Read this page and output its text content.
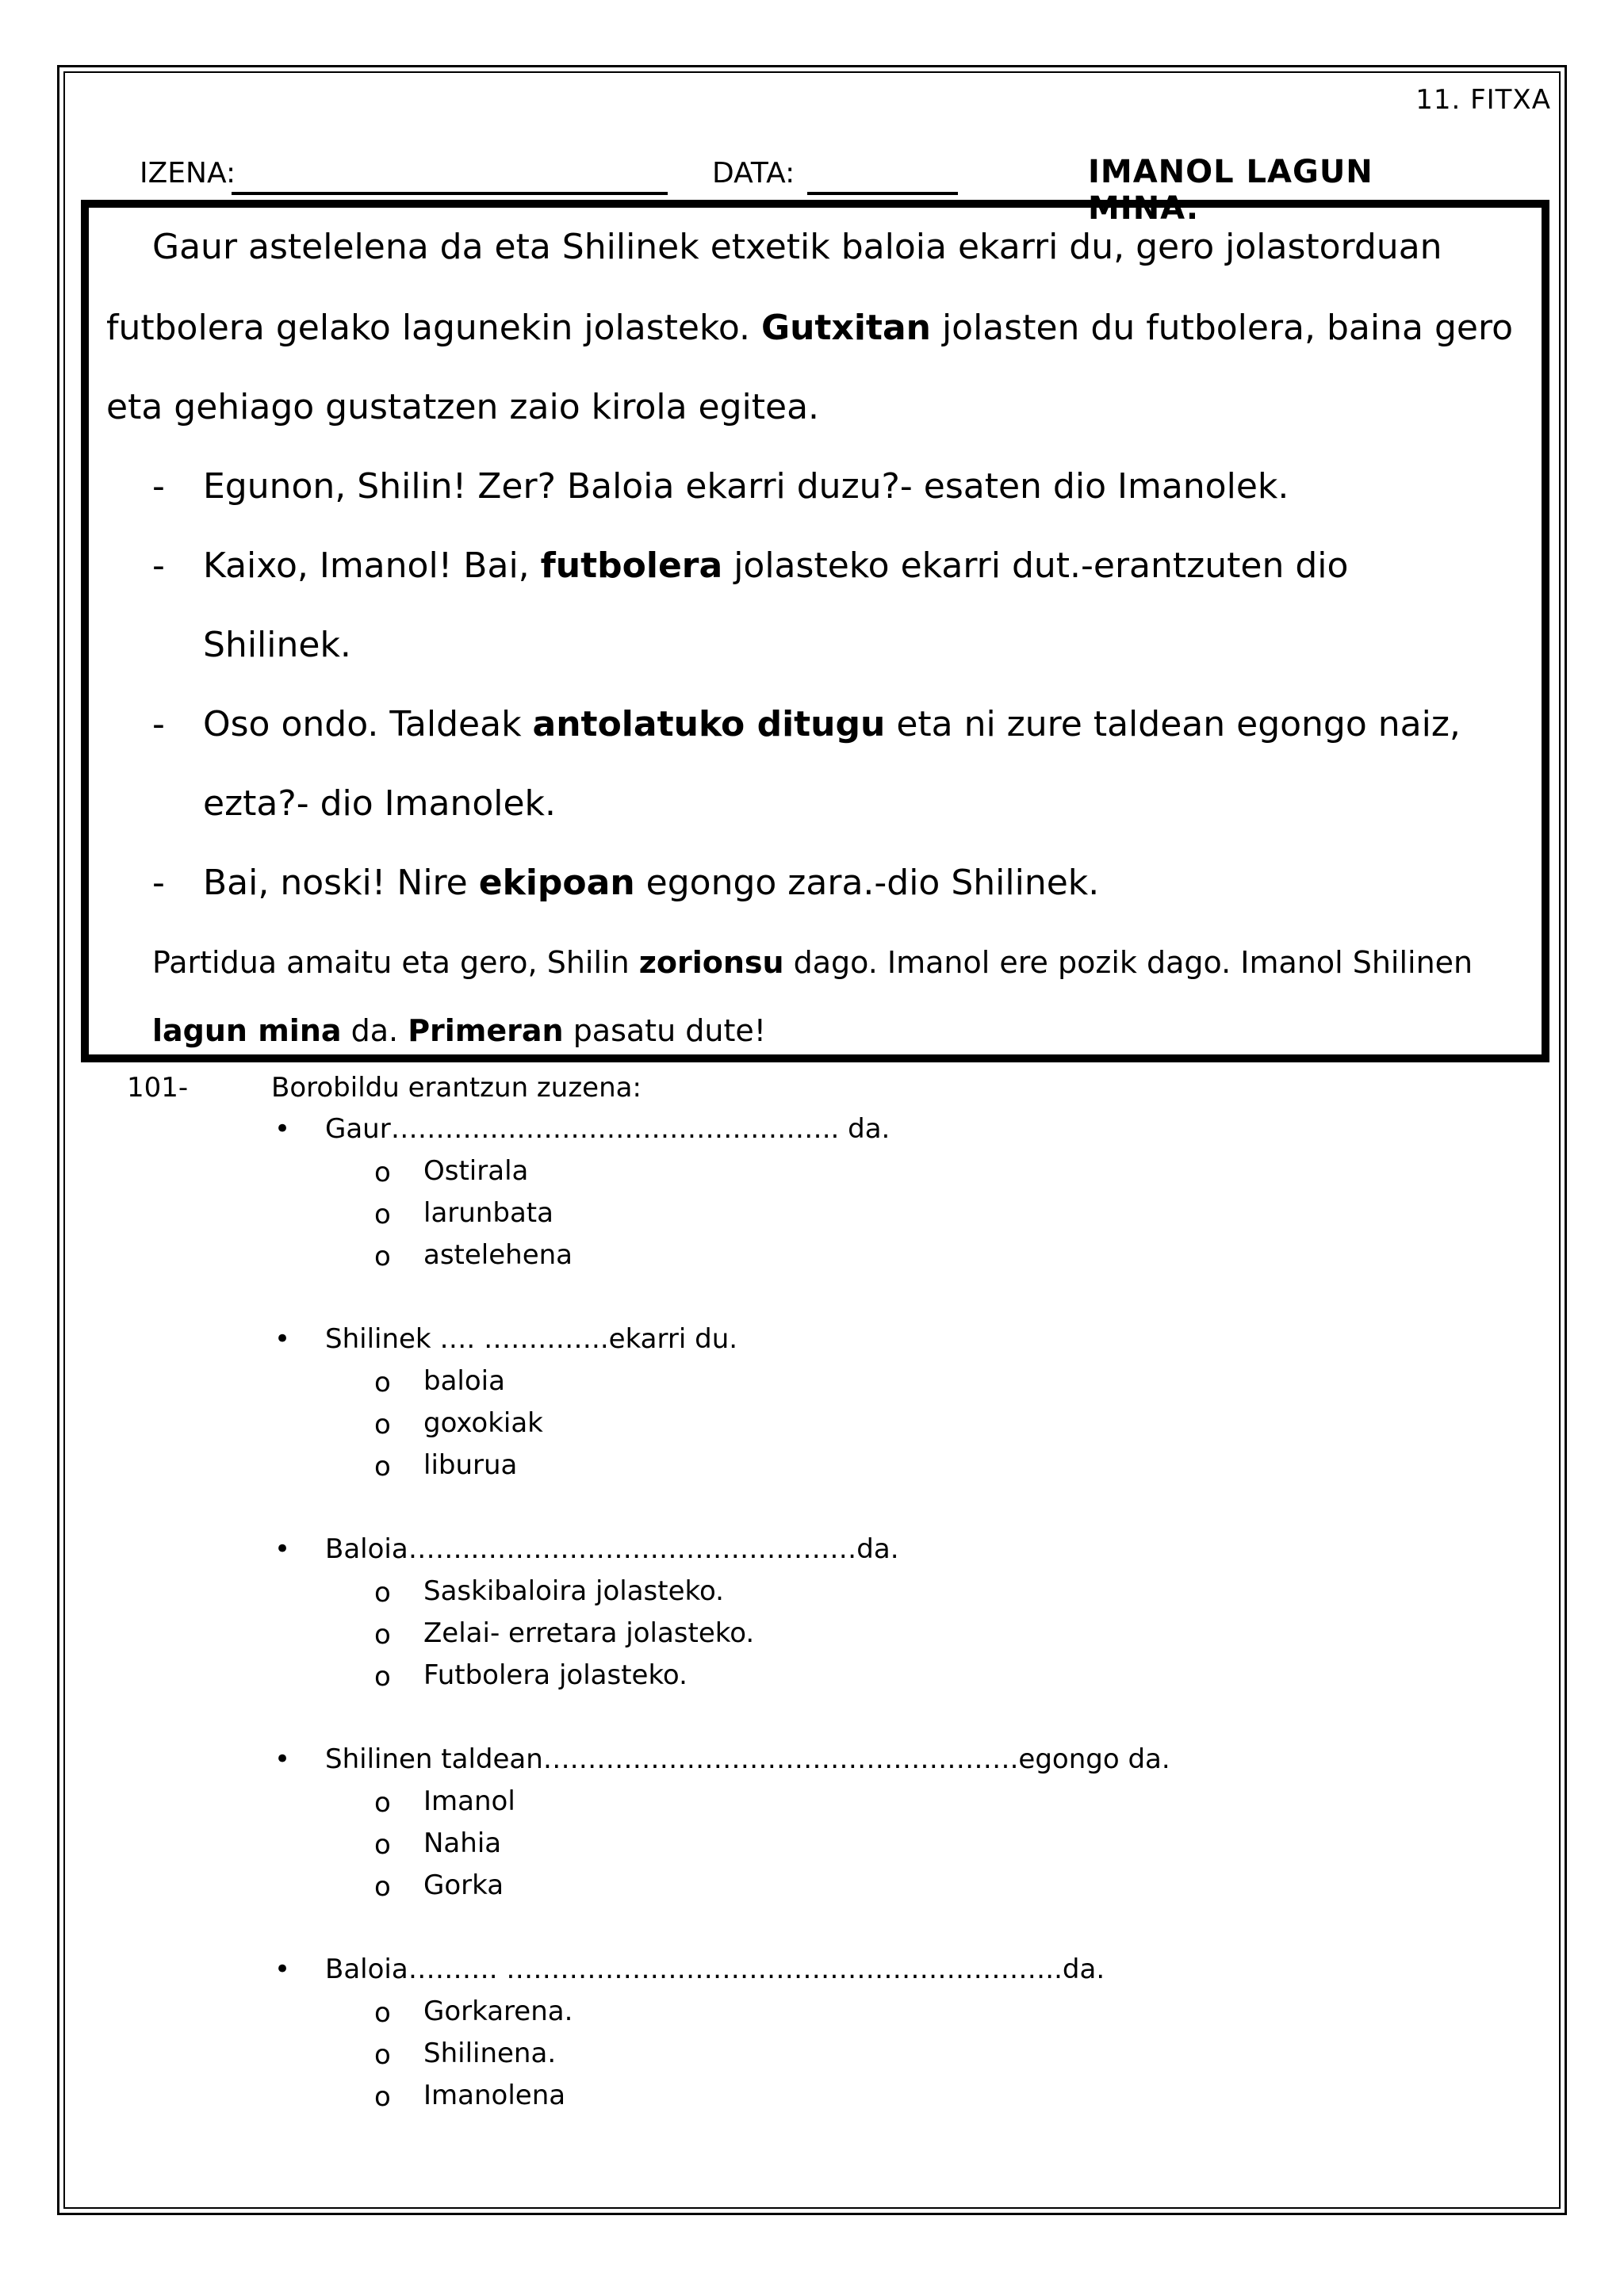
11. FITXA
IZENA:	DATA:	IMANOL LAGUN MINA.
Gaur astelelena da eta Shilinek etxetik baloia ekarri du, gero jolastorduan
futbolera gelako lagunekin jolasteko. Gutxitan jolasten du futbolera, baina gero
eta gehiago gustatzen zaio kirola egitea.
- Egunon, Shilin! Zer? Baloia ekarri duzu?- esaten dio Imanolek.
- Kaixo, Imanol! Bai, futbolera jolasteko ekarri dut.-erantzuten dio
Shilinek.
- Oso ondo. Taldeak antolatuko ditugu eta ni zure taldean egongo naiz,
ezta?- dio Imanolek.
- Bai, noski! Nire ekipoan egongo zara.-dio Shilinek.
Partidua amaitu eta gero, Shilin zorionsu dago. Imanol ere pozik dago. Imanol Shilinen
lagun mina da. Primeran pasatu dute!
101-	Borobildu erantzun zuzena:
• Gaur………………………………………….. da.
o Ostirala
o larunbata
o astelehena
• Shilinek …. …………..ekarri du.
o baloia
o goxokiak
o liburua
• Baloia……..……………………………………da.
o Saskibaloira jolasteko.
o Zelai- erretara jolasteko.
o Futbolera jolasteko.
• Shilinen taldean….………………………………………….egongo da.
o Imanol
o Nahia
o Gorka
• Baloia………. ……………………………………………………..da.
o Gorkarena.
o Shilinena.
o Imanolena
